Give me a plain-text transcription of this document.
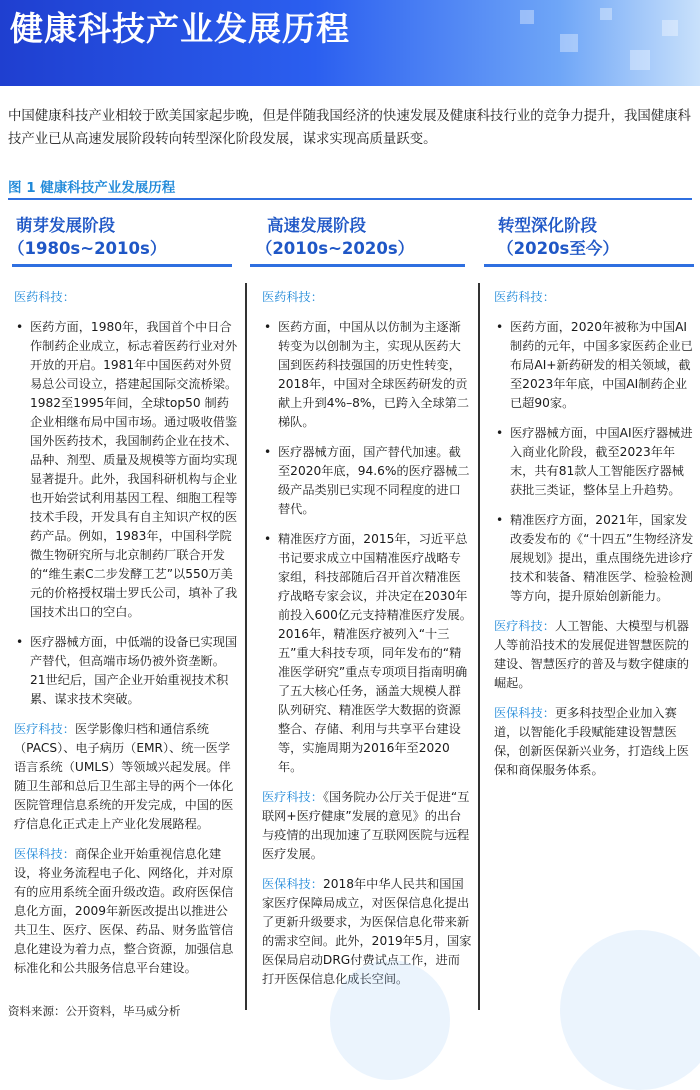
健康科技产业发展历程

中国健康科技产业相较于欧美国家起步晚，但是伴随我国经济的快速发展及健康科技行业的竞争力提升，我国健康科技产业已从高速发展阶段转向转型深化阶段发展，谋求实现高质量跃变。

图 1 健康科技产业发展历程
萌芽发展阶段
（1980s~2010s）
高速发展阶段
（2010s~2020s）
转型深化阶段
（2020s至今）

医药科技：

• 医药方面，1980年，我国首个中日合作制药企业成立，标志着医药行业对外开放的开启。1981年中国医药对外贸易总公司设立，搭建起国际交流桥梁。1982至1995年间，全球top50 制药企业相继布局中国市场。通过吸收借鉴国外医药技术，我国制药企业在技术、品种、剂型、质量及规模等方面均实现显著提升。此外，我国科研机构与企业也开始尝试利用基因工程、细胞工程等技术手段，开发具有自主知识产权的医药产品。例如，1983年，中国科学院微生物研究所与北京制药厂联合开发的“维生素C二步发酵工艺”以550万美元的价格授权瑞士罗氏公司，填补了我国技术出口的空白。
• 医疗器械方面，中低端的设备已实现国产替代，但高端市场仍被外资垄断。21世纪后，国产企业开始重视技术积累、谋求技术突破。

医疗科技：医学影像归档和通信系统（PACS）、电子病历（EMR）、统一医学语言系统（UMLS）等领域兴起发展。伴随卫生部和总后卫生部主导的两个一体化医院管理信息系统的开发完成，中国的医疗信息化正式走上产业化发展路程。

医保科技：商保企业开始重视信息化建设，将业务流程电子化、网络化，并对原有的应用系统全面升级改造。政府医保信息化方面，2009年新医改提出以推进公共卫生、医疗、医保、药品、财务监管信息化建设为着力点，整合资源，加强信息标准化和公共服务信息平台建设。

医药科技：

• 医药方面，中国从以仿制为主逐渐转变为以创制为主，实现从医药大国到医药科技强国的历史性转变，2018年，中国对全球医药研发的贡献上升到4%–8%，已跨入全球第二梯队。
• 医疗器械方面，国产替代加速。截至2020年底，94.6%的医疗器械二级产品类别已实现不同程度的进口替代。
• 精准医疗方面，2015年，习近平总书记要求成立中国精准医疗战略专家组，科技部随后召开首次精准医疗战略专家会议，并决定在2030年前投入600亿元支持精准医疗发展。2016年，精准医疗被列入“十三五”重大科技专项，同年发布的“精准医学研究”重点专项项目指南明确了五大核心任务，涵盖大规模人群队列研究、精准医学大数据的资源整合、存储、利用与共享平台建设等，实施周期为2016年至2020年。

医疗科技：《国务院办公厅关于促进“互联网+医疗健康”发展的意见》的出台与疫情的出现加速了互联网医院与远程医疗发展。

医保科技：2018年中华人民共和国国家医疗保障局成立，对医保信息化提出了更新升级要求，为医保信息化带来新的需求空间。此外，2019年5月，国家医保局启动DRG付费试点工作，进而打开医保信息化成长空间。

医药科技：

• 医药方面，2020年被称为中国AI制药的元年，中国多家医药企业已布局AI+新药研发的相关领域，截至2023年年底，中国AI制药企业已超90家。
• 医疗器械方面，中国AI医疗器械进入商业化阶段，截至2023年年末，共有81款人工智能医疗器械获批三类证，整体呈上升趋势。
• 精准医疗方面，2021年，国家发改委发布的《“十四五”生物经济发展规划》提出，重点围绕先进诊疗技术和装备、精准医学、检验检测等方向，提升原始创新能力。

医疗科技：人工智能、大模型与机器人等前沿技术的发展促进智慧医院的建设、智慧医疗的普及与数字健康的崛起。

医保科技：更多科技型企业加入赛道，以智能化手段赋能建设智慧医保，创新医保新兴业务，打造线上医保和商保服务体系。

资料来源：公开资料，毕马威分析
